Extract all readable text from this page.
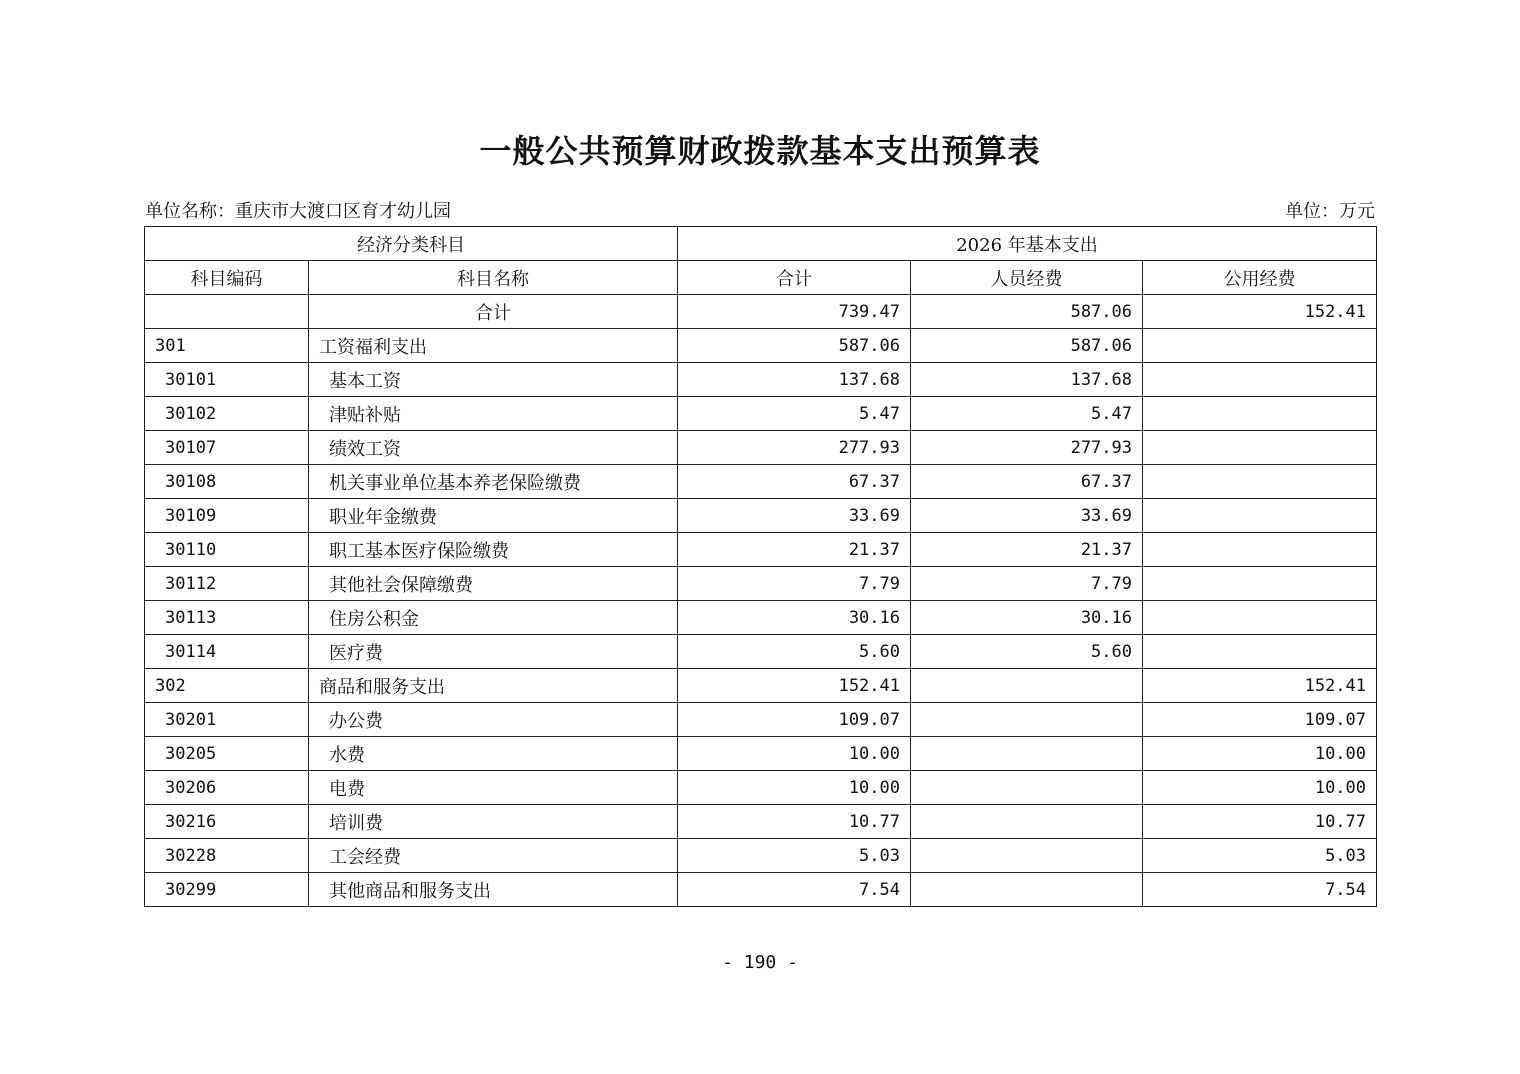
一般公共预算财政拨款基本支出预算表
单位名称：重庆市大渡口区育才幼儿园	单位：万元
经济分类科目		2026 年基本支出		
科目编码	科目名称	合计	人员经费	公用经费
	合计	739.47	587.06	152.41
301	工资福利支出	587.06	587.06	
30101	基本工资	137.68	137.68	
30102	津贴补贴	5.47	5.47	
30107	绩效工资	277.93	277.93	
30108	机关事业单位基本养老保险缴费	67.37	67.37	
30109	职业年金缴费	33.69	33.69	
30110	职工基本医疗保险缴费	21.37	21.37	
30112	其他社会保障缴费	7.79	7.79	
30113	住房公积金	30.16	30.16	
30114	医疗费	5.60	5.60	
302	商品和服务支出	152.41		152.41
30201	办公费	109.07		109.07
30205	水费	10.00		10.00
30206	电费	10.00		10.00
30216	培训费	10.77		10.77
30228	工会经费	5.03		5.03
30299	其他商品和服务支出	7.54		7.54
- 190 -
